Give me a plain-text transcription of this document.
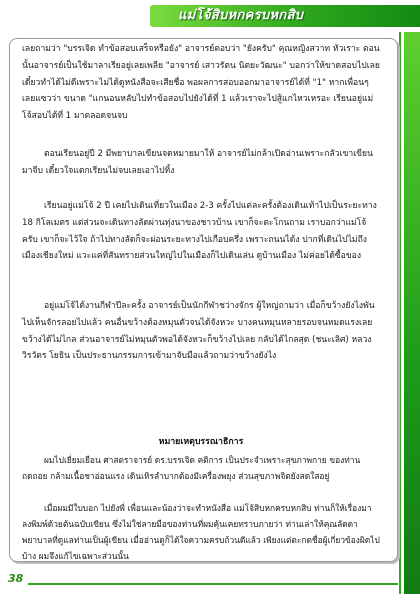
แม่โจ้สิบหกครบหกสิบ
เลยถามว่า "บรรเจิด ทำข้อสอบเสร็จหรือยัง" อาจารย์ตอบว่า "ยังครับ" คุณหญิงสวาท หัวเราะ ตอนนั้นอาจารย์เป็นใช้มาลาเรียอยู่เลยเพลีย "อาจารย์ เสาวรัตน นิตยะวัฒนะ" บอกว่าให้ขาดสอบไปเลย เดี๋ยวทำได้ไม่ดีเพราะไม่ได้ดูหนังสือจะเสียชื่อ พอผลการสอบออกมาอาจารย์ได้ที่ "1" หากเพื่อนๆ เลยแซวว่า ขนาด "แกนอนหลับไปทำข้อสอบไปยังได้ที่ 1 แล้วเราจะไปสู้แกไหวเหรอะ เรียนอยู่แม่โจ้สอบได้ที่ 1 มาตลอดจนจบ
ตอนเรียนอยู่ปี 2 มีพยาบาลเขียนจดหมายมาให้ อาจารย์ไม่กล้าเปิดอ่านเพราะกลัวเขาเขียนมาจีบ เดี๋ยวใจแตกเรียนไม่จบเลยเอาไปทิ้ง
เรียนอยู่แม่โจ้ 2 ปี เคยไปเดินเที่ยวในเมือง 2-3 ครั้งไปแต่ละครั้งต้องเดินเท้าไปเป็นระยะทาง 18 กิโลเมตร แต่ส่วนจะเดินทางลัดผ่านทุ่งนาของชาวบ้าน เขาก็จะตะโกนถาม เราบอกว่าแม่โจ้ครับ เขาก็จะไว้ใจ ถ้าไปทางลัดก็จะผ่อนระยะทางไปเกือบครึ่ง เพราะถนนได้ง ปากที่เดินไปไม่ถึงเมืองเชียงใหม่ แวะแค่ที่สันทรายส่วนใหญ่ไปในเมืองก็ไปเดินเล่น ดูบ้านเมือง ไม่ค่อยได้ซื้อของ
อยู่แม่โจ้ได้งานกีฬาปีละครั้ง อาจารย์เป็นนักกีฬาชว่างจักร ผู้ใหญ่ถามว่า เมื่อก็ขว้างยังไงพันไปเห็นจักรลอยไปแล้ว คนอื่นขว้างต้องหมุนตัวจนได้จังหวะ บางคนหมุนหลายรอบจนหมดแรงเลยขว้างได้ไม่ไกล ส่วนอาจารย์ไม่หมุนตัวพอได้จังหวะก็ขว้างไปเลย กลับได้ไกลสุด (ชนะเลิศ) หลวงวิรวัตร โยธิน เป็นประธานกรรมการเข้ามาจับมือแล้วถามว่าขว้างยังไง
หมายเหตุบรรณาธิการ
ผมไปเยี่ยมเยือน ศาสตราจารย์ ดร.บรรเจิด คติการ เป็นประจำเพราะสุขภาพกาย ของท่านถดถอย กล้ามเนื้อชาอ่อนแรง เดินเหิรลำบากต้องมีเครื่องพยุง ส่วนสุขภาพจิตยังสดใสอยู่
เมื่อผมมีใบบอก ไปยังพี่ เพื่อนและน้องว่าจะทำหนังสือ แม่โจ้สิบหกครบหกสิบ ท่านก็ให้เรื่องมาลงพิมพ์ด้วยต้นฉบับเขียน ซึ่งไม่ใช่ลายมือของท่านที่ผมคุ้นเคยทราบภายว่า ท่านเล่าให้คุณลัดดา พยาบาลที่ดูแลท่านเป็นผู้เขียน เมื่ออ่านดูก็ได้ใจความครบถ้วนดีแล้ว เพียงแต่ตะกดชื่อผู้เกี่ยวข้องผิดไปบ้าง ผมจึงแก้ไขเฉพาะส่วนนั้น
38
